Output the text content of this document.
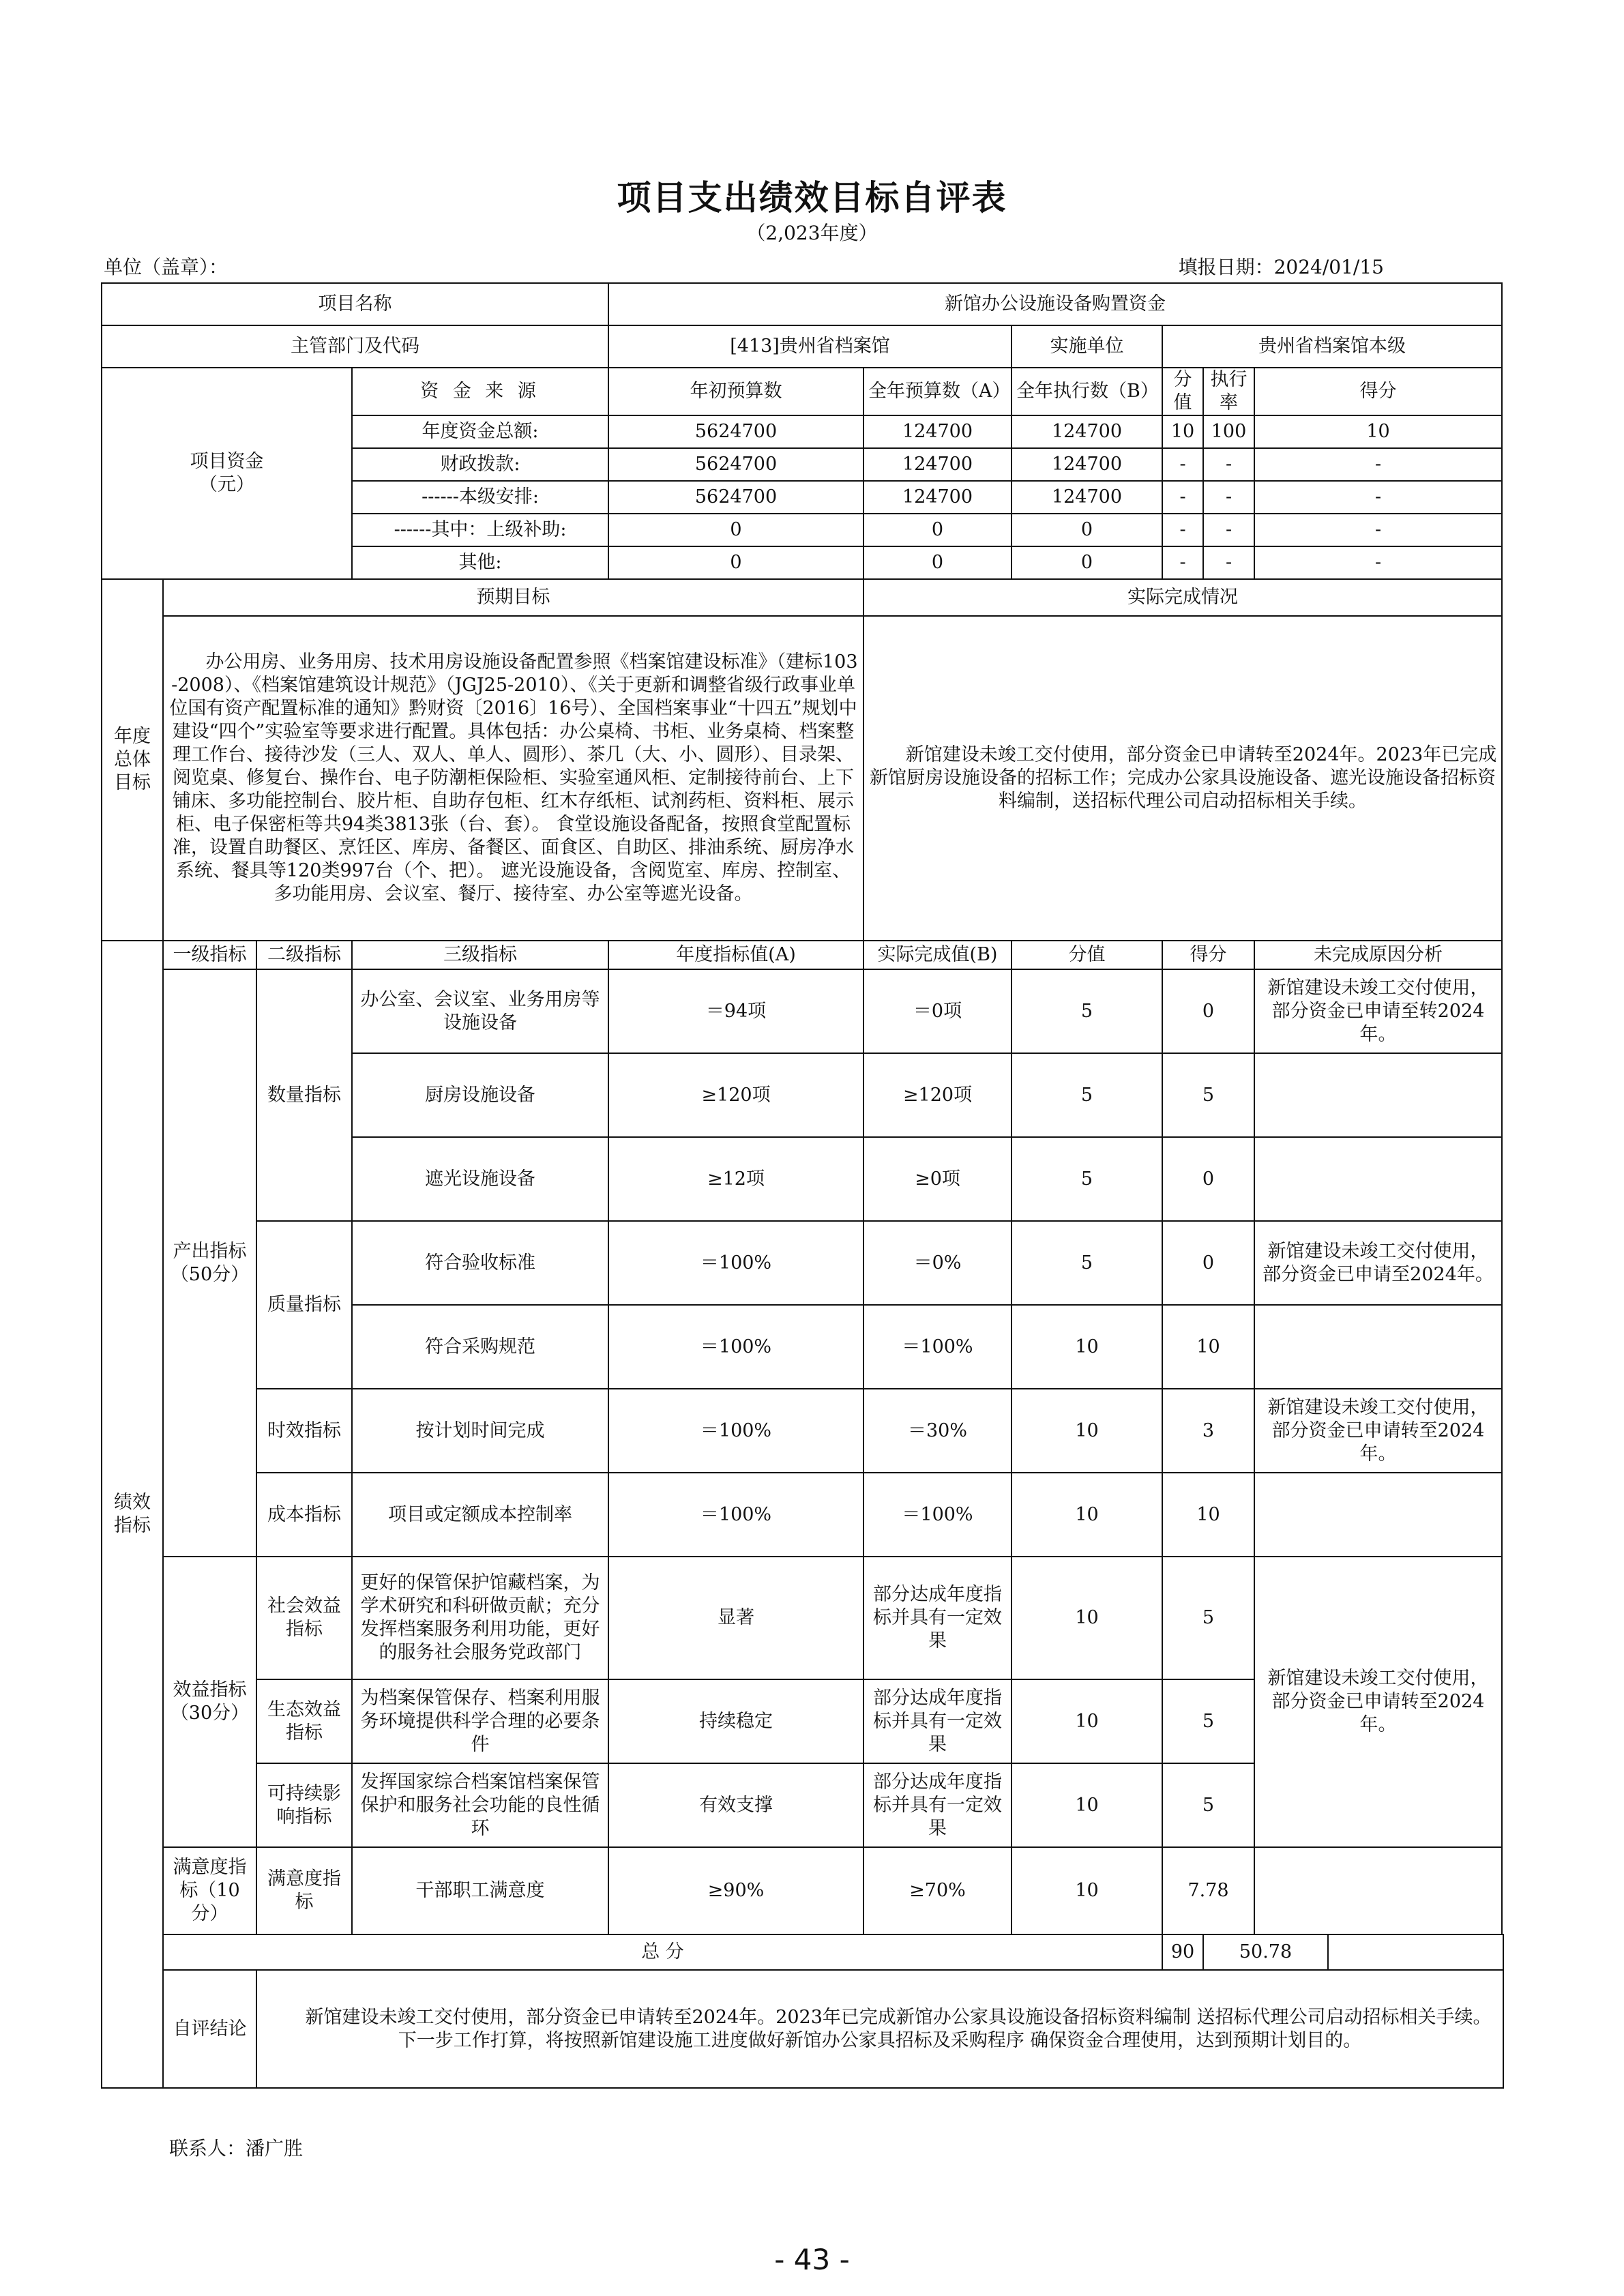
项目支出绩效目标自评表
（2,023年度）
单位（盖章）：	填报日期：2024/01/15
项目名称				新馆办公设施设备购置资金						
主管部门及代码				[413]贵州省档案馆		实施单位	贵州省档案馆本级			

项目资金
（元）			资 金 来 源	年初预算数	全年预算数（A）	全年执行数（B）	分值	执行率	得分	
			年度资金总额:	5624700	124700	124700	10	100	10	
			财政拨款:	5624700	124700	124700	-	-	-	
			------本级安排:	5624700	124700	124700	-	-	-	
			------其中：上级补助:	0	0	0	-	-	-	
			其他:	0	0	0	-	-	-	
年度总体目标	预期目标				实际完成情况					
	办公用房、业务用房、技术用房设施设备配置参照《档案馆建设标准》（建标103-2008）、《档案馆建筑设计规范》（JGJ25-2010）、《关于更新和调整省级行政事业单位国有资产配置标准的通知》黔财资〔2016〕16号）、全国档案事业“十四五”规划中建设“四个”实验室等要求进行配置。具体包括：办公桌椅、书柜、业务桌椅、档案整理工作台、接待沙发（三人、双人、单人、圆形）、茶几（大、小、圆形）、目录架、阅览桌、修复台、操作台、电子防潮柜保险柜、实验室通风柜、定制接待前台、上下铺床、多功能控制台、胶片柜、自助存包柜、红木存纸柜、试剂药柜、资料柜、展示柜、电子保密柜等共94类3813张（台、套）。 食堂设施设备配备，按照食堂配置标准，设置自助餐区、烹饪区、库房、备餐区、面食区、自助区、排油系统、厨房净水系统、餐具等120类997台（个、把）。 遮光设施设备，含阅览室、库房、控制室、多功能用房、会议室、餐厅、接待室、办公室等遮光设备。				新馆建设未竣工交付使用，部分资金已申请转至2024年。2023年已完成新馆厨房设施设备的招标工作；完成办公家具设施设备、遮光设施设备招标资料编制，送招标代理公司启动招标相关手续。					
绩效指标	一级指标	二级指标	三级指标	年度指标值(A)	实际完成值(B)	分值	得分		未完成原因分析	
	产出指标（50分）	数量指标	办公室、会议室、业务用房等设施设备	＝94项	＝0项	5	0		新馆建设未竣工交付使用，部分资金已申请至转2024年。	
			厨房设施设备	≥120项	≥120项	5	5			
			遮光设施设备	≥12项	≥0项	5	0			
		质量指标	符合验收标准	＝100%	＝0%	5	0		新馆建设未竣工交付使用，部分资金已申请至2024年。	
			符合采购规范	＝100%	＝100%	10	10			
		时效指标	按计划时间完成	＝100%	＝30%	10	3		新馆建设未竣工交付使用，部分资金已申请转至2024年。	
		成本指标	项目或定额成本控制率	＝100%	＝100%	10	10			
	效益指标（30分）	社会效益指标	更好的保管保护馆藏档案，为学术研究和科研做贡献；充分发挥档案服务利用功能，更好的服务社会服务党政部门	显著	部分达成年度指标并具有一定效果	10	5		新馆建设未竣工交付使用，部分资金已申请转至2024年。	
		生态效益指标	为档案保管保存、档案利用服务环境提供科学合理的必要条件	持续稳定	部分达成年度指标并具有一定效果	10	5			
		可持续影响指标	发挥国家综合档案馆档案保管保护和服务社会功能的良性循环	有效支撑	部分达成年度指标并具有一定效果	10	5			
	满意度指标（10分）	满意度指标	干部职工满意度	≥90%	≥70%	10	7.78			
	总 分						90	50.78		
	自评结论	新馆建设未竣工交付使用，部分资金已申请转至2024年。2023年已完成新馆办公家具设施设备招标资料编制 送招标代理公司启动招标相关手续。 下一步工作打算，将按照新馆建设施工进度做好新馆办公家具招标及采购程序 确保资金合理使用，达到预期计划目的。								
联系人：潘广胜
- 43 -
